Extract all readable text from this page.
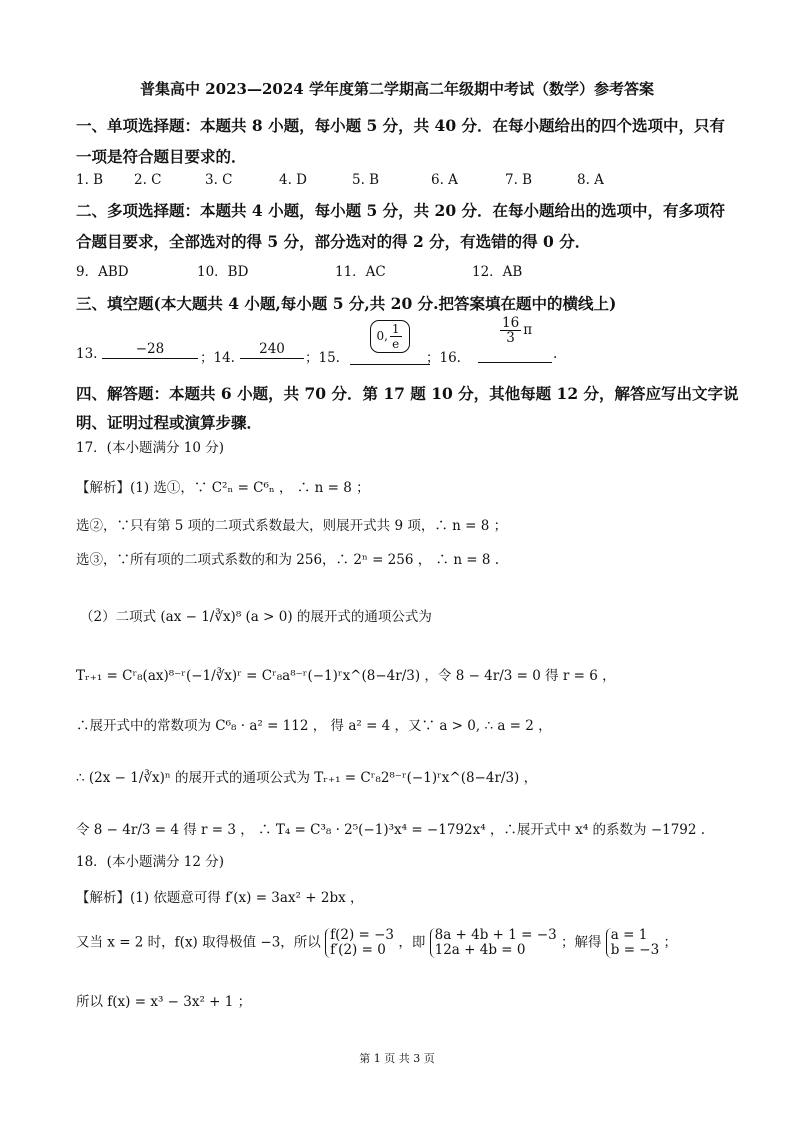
普集高中 2023—2024 学年度第二学期高二年级期中考试（数学）参考答案
一、单项选择题：本题共 8 小题，每小题 5 分，共 40 分．在每小题给出的四个选项中，只有
一项是符合题目要求的．
1. B 2. C	3. C	4. D	5. B	6. A	7. B	8. A
二、多项选择题：本题共 4 小题，每小题 5 分，共 20 分．在每小题给出的选项中，有多项符
合题目要求，全部选对的得 5 分，部分选对的得 2 分，有选错的得 0 分．
9．ABD	10．BD	11．AC	12．AB
三、填空题(本大题共 4 小题,每小题 5 分,共 20 分.把答案填在题中的横线上)
13.	−28
；14.
240
；15.
0, $\frac{1}{e}$
；16.
$\frac{16}{3}$ π
.
四、解答题：本题共 6 小题，共 70 分．第 17 题 10 分，其他每题 12 分，解答应写出文字说
明、证明过程或演算步骤．
17．(本小题满分 10 分)
【解析】(1) 选①，∵ C²ₙ = C⁶ₙ ， ∴ n = 8 ；
选②，∵只有第 5 项的二项式系数最大，则展开式共 9 项，∴ n = 8 ；
选③，∵所有项的二项式系数的和为 256，∴ 2ⁿ = 256 ， ∴ n = 8 .
（2）二项式 (ax − 1/∛x)⁸ (a > 0) 的展开式的通项公式为
Tᵣ₊₁ = Cʳ₈(ax)⁸⁻ʳ(−1/∛x)ʳ = Cʳ₈a⁸⁻ʳ(−1)ʳx^(8−4r/3) ，令 8 − 4r/3 = 0 得 r = 6 ，
∴展开式中的常数项为 C⁶₈ · a² = 112 ， 得 a² = 4 ，又∵ a > 0, ∴ a = 2 ，
∴ (2x − 1/∛x)ⁿ 的展开式的通项公式为 Tᵣ₊₁ = Cʳ₈2⁸⁻ʳ(−1)ʳx^(8−4r/3) ，
令 8 − 4r/3 = 4 得 r = 3 ， ∴ T₄ = C³₈ · 2⁵(−1)³x⁴ = −1792x⁴ ，∴展开式中 x⁴ 的系数为 −1792 .
18．(本小题满分 12 分)
【解析】(1) 依题意可得 f′(x) = 3ax² + 2bx ，
又当 x = 2 时，f(x) 取得极值 −3，所以 f(2) = −3
f′(2) = 0 ，即 8a + 4b + 1 = −3
12a + 4b = 0	；解得 a = 1
b = −3 ；
所以 f(x) = x³ − 3x² + 1 ；
第 1 页 共 3 页
